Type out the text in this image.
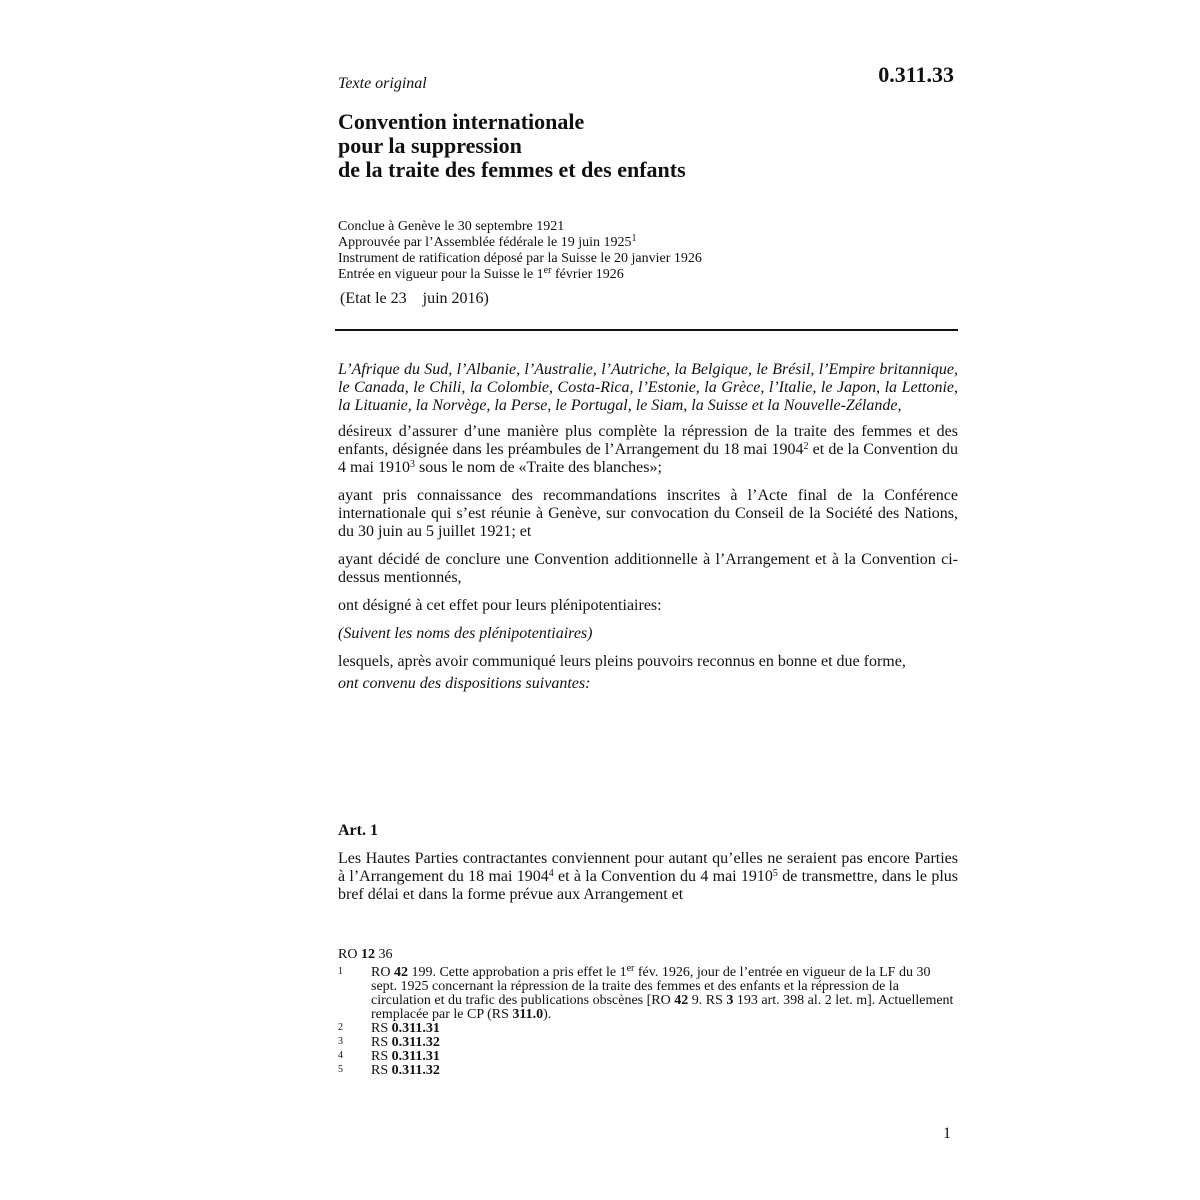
Texte original	0.311.33
Convention internationale
pour la suppression
de la traite des femmes et des enfants
Conclue à Genève le 30 septembre 1921
Approuvée par l’Assemblée fédérale le 19 juin 1925$^1$
Instrument de ratification déposé par la Suisse le 20 janvier 1926
Entrée en vigueur pour la Suisse le 1er février 1926
(Etat le 23    juin 2016)

L’Afrique du Sud, l’Albanie, l’Australie, l’Autriche, la Belgique, le Brésil, l’Empire britannique, le Canada, le Chili, la Colombie, Costa-Rica, l’Estonie, la Grèce, l’Italie, le Japon, la Lettonie, la Lituanie, la Norvège, la Perse, le Portugal, le Siam, la Suisse et la Nouvelle-Zélande,

désireux d’assurer d’une manière plus complète la répression de la traite des femmes et des enfants, désignée dans les préambules de l’Arrangement du 18 mai 1904$^2$ et de la Convention du 4 mai 1910$^3$ sous le nom de «Traite des blanches»;

ayant pris connaissance des recommandations inscrites à l’Acte final de la Conférence internationale qui s’est réunie à Genève, sur convocation du Conseil de la Société des Nations, du 30 juin au 5 juillet 1921; et

ayant décidé de conclure une Convention additionnelle à l’Arrangement et à la Convention ci-dessus mentionnés,

ont désigné à cet effet pour leurs plénipotentiaires:

(Suivent les noms des plénipotentiaires)

lesquels, après avoir communiqué leurs pleins pouvoirs reconnus en bonne et due forme,

ont convenu des dispositions suivantes:

Art. 1

Les Hautes Parties contractantes conviennent pour autant qu’elles ne seraient pas encore Parties à l’Arrangement du 18 mai 1904$^4$ et à la Convention du 4 mai 1910$^5$ de transmettre, dans le plus bref délai et dans la forme prévue aux Arrangement et

RO 12 36
1	RO 42 199. Cette approbation a pris effet le 1er fév. 1926, jour de l’entrée en vigueur de la LF du 30 sept. 1925 concernant la répression de la traite des femmes et des enfants et la répression de la circulation et du trafic des publications obscènes [RO 42 9. RS 3 193 art. 398 al. 2 let. m]. Actuellement remplacée par le CP (RS 311.0).
2	RS 0.311.31
3	RS 0.311.32
4	RS 0.311.31
5	RS 0.311.32
1
